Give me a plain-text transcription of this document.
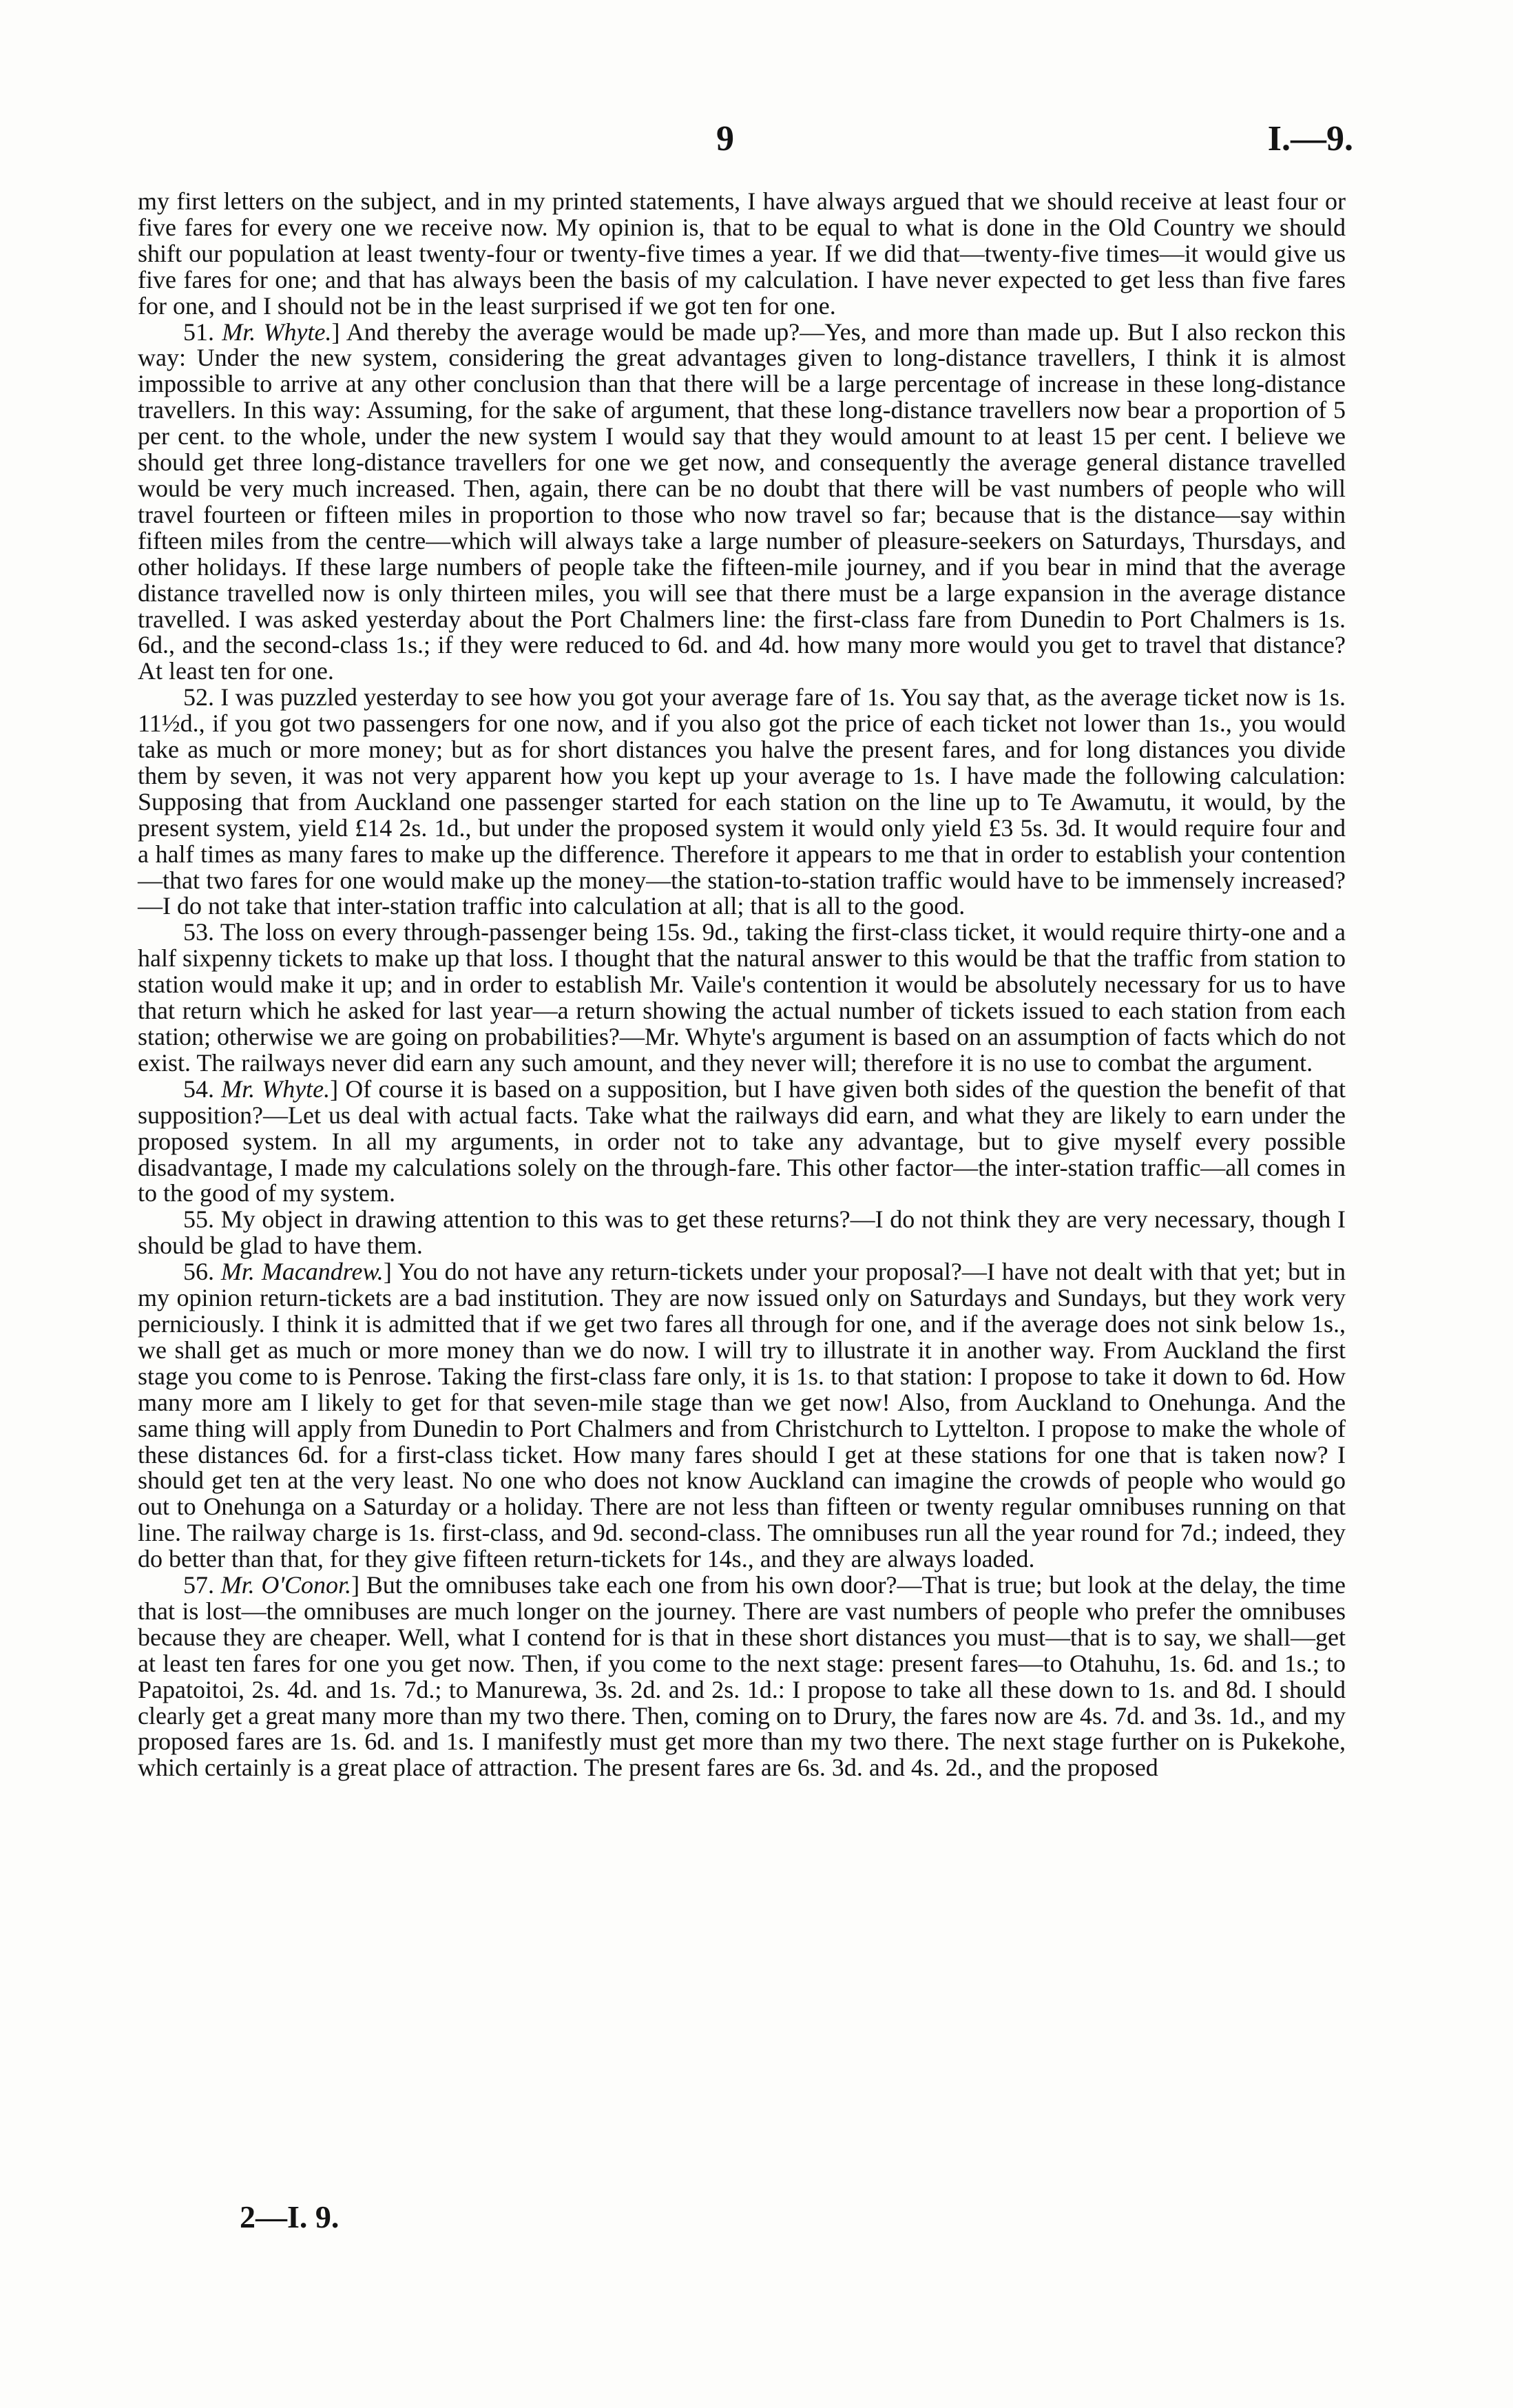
9	I.—9.

my first letters on the subject, and in my printed statements, I have always argued that we should receive at least four or five fares for every one we receive now. My opinion is, that to be equal to what is done in the Old Country we should shift our population at least twenty-four or twenty-five times a year. If we did that—twenty-five times—it would give us five fares for one; and that has always been the basis of my calculation. I have never expected to get less than five fares for one, and I should not be in the least surprised if we got ten for one.

51. Mr. Whyte.] And thereby the average would be made up?—Yes, and more than made up. But I also reckon this way: Under the new system, considering the great advantages given to long-distance travellers, I think it is almost impossible to arrive at any other conclusion than that there will be a large percentage of increase in these long-distance travellers. In this way: Assuming, for the sake of argument, that these long-distance travellers now bear a proportion of 5 per cent. to the whole, under the new system I would say that they would amount to at least 15 per cent. I believe we should get three long-distance travellers for one we get now, and consequently the average general distance travelled would be very much increased. Then, again, there can be no doubt that there will be vast numbers of people who will travel fourteen or fifteen miles in proportion to those who now travel so far; because that is the distance—say within fifteen miles from the centre—which will always take a large number of pleasure-seekers on Saturdays, Thursdays, and other holidays. If these large numbers of people take the fifteen-mile journey, and if you bear in mind that the average distance travelled now is only thirteen miles, you will see that there must be a large expansion in the average distance travelled. I was asked yesterday about the Port Chalmers line: the first-class fare from Dunedin to Port Chalmers is 1s. 6d., and the second-class 1s.; if they were reduced to 6d. and 4d. how many more would you get to travel that distance? At least ten for one.

52. I was puzzled yesterday to see how you got your average fare of 1s. You say that, as the average ticket now is 1s. 11½d., if you got two passengers for one now, and if you also got the price of each ticket not lower than 1s., you would take as much or more money; but as for short distances you halve the present fares, and for long distances you divide them by seven, it was not very apparent how you kept up your average to 1s. I have made the following calculation: Supposing that from Auckland one passenger started for each station on the line up to Te Awamutu, it would, by the present system, yield £14 2s. 1d., but under the proposed system it would only yield £3 5s. 3d. It would require four and a half times as many fares to make up the difference. Therefore it appears to me that in order to establish your contention—that two fares for one would make up the money—the station-to-station traffic would have to be immensely increased?—I do not take that inter-station traffic into calculation at all; that is all to the good.

53. The loss on every through-passenger being 15s. 9d., taking the first-class ticket, it would require thirty-one and a half sixpenny tickets to make up that loss. I thought that the natural answer to this would be that the traffic from station to station would make it up; and in order to establish Mr. Vaile's contention it would be absolutely necessary for us to have that return which he asked for last year—a return showing the actual number of tickets issued to each station from each station; otherwise we are going on probabilities?—Mr. Whyte's argument is based on an assumption of facts which do not exist. The railways never did earn any such amount, and they never will; therefore it is no use to combat the argument.

54. Mr. Whyte.] Of course it is based on a supposition, but I have given both sides of the question the benefit of that supposition?—Let us deal with actual facts. Take what the railways did earn, and what they are likely to earn under the proposed system. In all my arguments, in order not to take any advantage, but to give myself every possible disadvantage, I made my calculations solely on the through-fare. This other factor—the inter-station traffic—all comes in to the good of my system.

55. My object in drawing attention to this was to get these returns?—I do not think they are very necessary, though I should be glad to have them.

56. Mr. Macandrew.] You do not have any return-tickets under your proposal?—I have not dealt with that yet; but in my opinion return-tickets are a bad institution. They are now issued only on Saturdays and Sundays, but they work very perniciously. I think it is admitted that if we get two fares all through for one, and if the average does not sink below 1s., we shall get as much or more money than we do now. I will try to illustrate it in another way. From Auckland the first stage you come to is Penrose. Taking the first-class fare only, it is 1s. to that station: I propose to take it down to 6d. How many more am I likely to get for that seven-mile stage than we get now! Also, from Auckland to Onehunga. And the same thing will apply from Dunedin to Port Chalmers and from Christchurch to Lyttelton. I propose to make the whole of these distances 6d. for a first-class ticket. How many fares should I get at these stations for one that is taken now? I should get ten at the very least. No one who does not know Auckland can imagine the crowds of people who would go out to Onehunga on a Saturday or a holiday. There are not less than fifteen or twenty regular omnibuses running on that line. The railway charge is 1s. first-class, and 9d. second-class. The omnibuses run all the year round for 7d.; indeed, they do better than that, for they give fifteen return-tickets for 14s., and they are always loaded.

57. Mr. O'Conor.] But the omnibuses take each one from his own door?—That is true; but look at the delay, the time that is lost—the omnibuses are much longer on the journey. There are vast numbers of people who prefer the omnibuses because they are cheaper. Well, what I contend for is that in these short distances you must—that is to say, we shall—get at least ten fares for one you get now. Then, if you come to the next stage: present fares—to Otahuhu, 1s. 6d. and 1s.; to Papatoitoi, 2s. 4d. and 1s. 7d.; to Manurewa, 3s. 2d. and 2s. 1d.: I propose to take all these down to 1s. and 8d. I should clearly get a great many more than my two there. Then, coming on to Drury, the fares now are 4s. 7d. and 3s. 1d., and my proposed fares are 1s. 6d. and 1s. I manifestly must get more than my two there. The next stage further on is Pukekohe, which certainly is a great place of attraction. The present fares are 6s. 3d. and 4s. 2d., and the proposed

2—I. 9.
